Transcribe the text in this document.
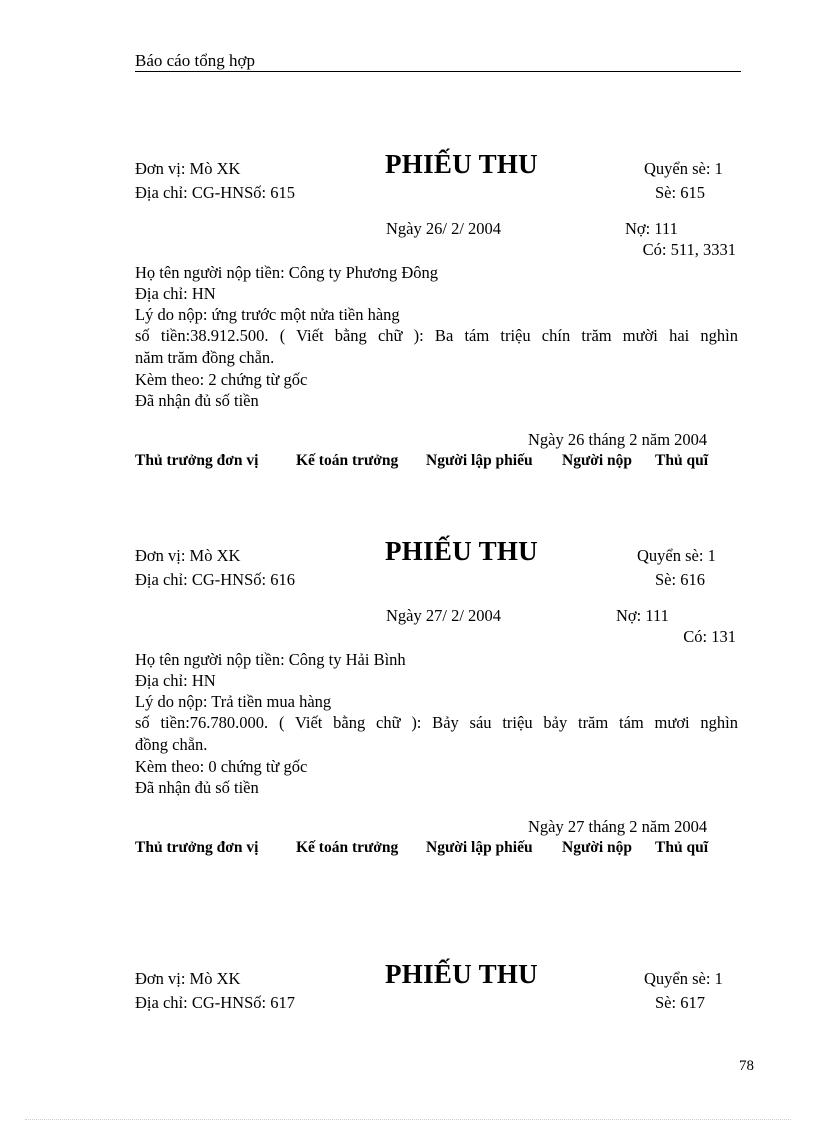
Báo cáo tổng hợp
Đơn vị: Mò XK	PHIẾU THU	Quyển sè: 1
Địa chỉ: CG-HNSố: 615	Sè: 615
Ngày 26/ 2/ 2004	Nợ: 111
Có: 511, 3331
Họ tên người nộp tiền: Công ty Phương Đông
Địa chỉ: HN
Lý do nộp: ứng trước một nửa tiền hàng
số tiền:38.912.500. ( Viết bằng chữ ): Ba tám triệu chín trăm mười hai nghìn
năm trăm đồng chẵn.
Kèm theo: 2 chứng từ gốc
Đã nhận đủ số tiền
Ngày 26 tháng 2 năm 2004
Thủ trưởng đơn vị Kế toán trưởng Người lập phiếu Người nộp Thủ quĩ
Đơn vị: Mò XK	PHIẾU THU	Quyển sè: 1
Địa chỉ: CG-HNSố: 616	Sè: 616
Ngày 27/ 2/ 2004	Nợ: 111
Có: 131
Họ tên người nộp tiền: Công ty Hải Bình
Địa chỉ: HN
Lý do nộp: Trả tiền mua hàng
số tiền:76.780.000. ( Viết bằng chữ ): Bảy sáu triệu bảy trăm tám mươi nghìn
đồng chẵn.
Kèm theo: 0 chứng từ gốc
Đã nhận đủ số tiền
Ngày 27 tháng 2 năm 2004
Thủ trưởng đơn vị Kế toán trưởng Người lập phiếu Người nộp Thủ quĩ
Đơn vị: Mò XK	PHIẾU THU	Quyển sè: 1
Địa chỉ: CG-HNSố: 617	Sè: 617
78
